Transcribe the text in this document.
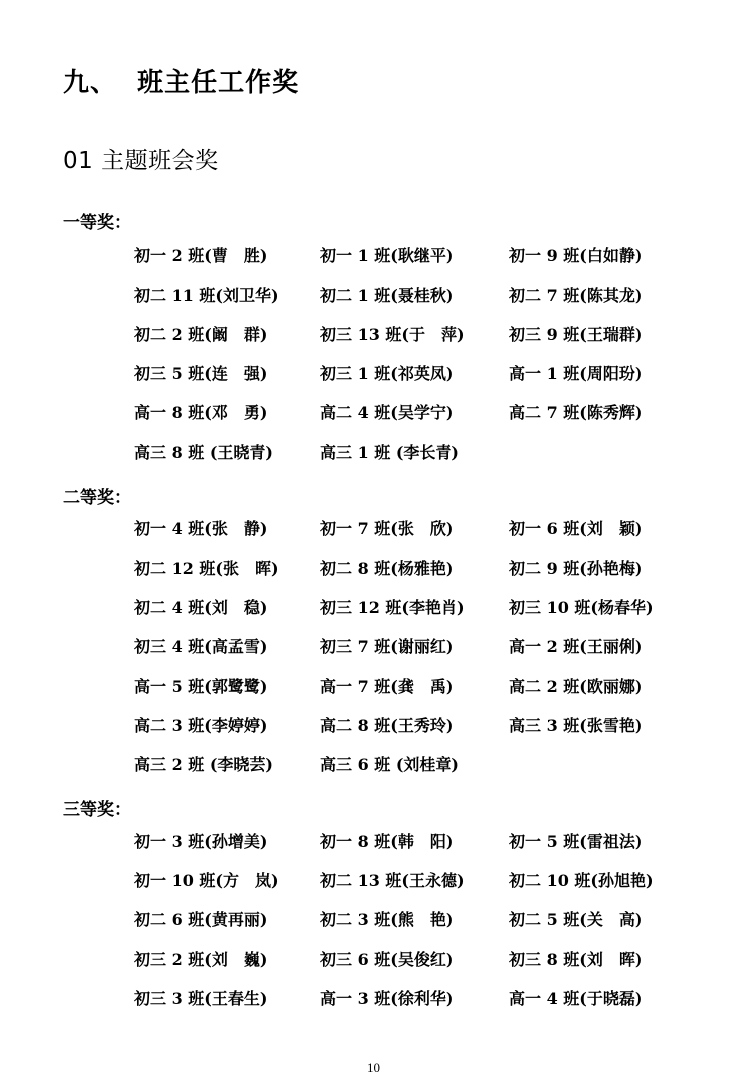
九、  班主任工作奖
01 主题班会奖
一等奖：
初一 2 班(曹　胜)	初一 1 班(耿继平)	初一 9 班(白如静)
初二 11 班(刘卫华)	初二 1 班(聂桂秋)	初二 7 班(陈其龙)
初二 2 班(阚　群)	初三 13 班(于　萍)	初三 9 班(王瑞群)
初三 5 班(连　强)	初三 1 班(祁英凤)	高一 1 班(周阳玢)
高一 8 班(邓　勇)	高二 4 班(吴学宁)	高二 7 班(陈秀辉)
高三 8 班 (王晓青)	高三 1 班 (李长青)
二等奖：
初一 4 班(张　静)	初一 7 班(张　欣)	初一 6 班(刘　颖)
初二 12 班(张　晖)	初二 8 班(杨雅艳)	初二 9 班(孙艳梅)
初二 4 班(刘　稳)	初三 12 班(李艳肖)	初三 10 班(杨春华)
初三 4 班(高孟雪)	初三 7 班(谢丽红)	高一 2 班(王丽俐)
高一 5 班(郭鹭鹭)	高一 7 班(龚　禹)	高二 2 班(欧丽娜)
高二 3 班(李婷婷)	高二 8 班(王秀玲)	高三 3 班(张雪艳)
高三 2 班 (李晓芸)	高三 6 班 (刘桂章)
三等奖：
初一 3 班(孙增美)	初一 8 班(韩　阳)	初一 5 班(雷祖法)
初一 10 班(方　岚)	初二 13 班(王永德)	初二 10 班(孙旭艳)
初二 6 班(黄再丽)	初二 3 班(熊　艳)	初二 5 班(关　高)
初三 2 班(刘　巍)	初三 6 班(吴俊红)	初三 8 班(刘　晖)
初三 3 班(王春生)	高一 3 班(徐利华)	高一 4 班(于晓磊)
10
